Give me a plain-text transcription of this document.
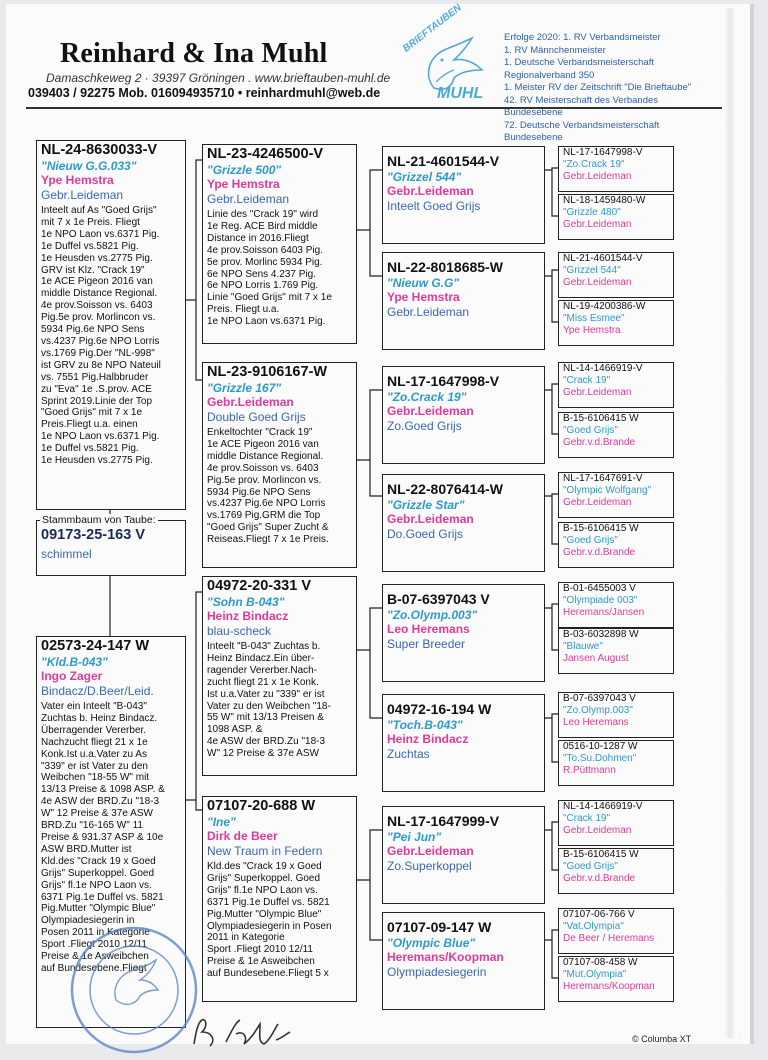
Reinhard & Ina Muhl
Damaschkeweg 2 · 39397 Gröningen . www.brieftauben-muhl.de
039403 / 92275 Mob. 016094935710 • reinhardmuhl@web.de
BRIEFTAUBEN
MUHL
Erfolge 2020: 1. RV Verbandsmeister
1. RV Männchenmeister
1. Deutsche Verbandsmeisterschaft
Regionalverband 350
1. Meister RV der Zeitschrift "Die Brieftaube"
42. RV Meisterschaft des Verbandes
Bundesebene
72. Deutsche Verbandsmeisterschaft
Bundesebene
NL-24-8630033-V
"Nieuw G.G.033"
Ype Hemstra
Gebr.Leideman
Inteelt auf As "Goed Grijs"
mit 7 x 1e Preis. Fliegt
1e NPO Laon vs.6371 Pig.
1e Duffel vs.5821 Pig.
1e Heusden vs.2775 Pig.
GRV ist Klz. "Crack 19"
1e ACE Pigeon 2016 van
middle Distance Regional.
4e prov.Soisson vs. 6403
Pig.5e prov. Morlincon vs.
5934 Pig.6e NPO Sens
vs.4237 Pig.6e NPO Lorris
vs.1769 Pig.Der "NL-998"
ist GRV zu 8e NPO Nateuil
vs. 7551 Pig.Halbbruder
zu "Eva" 1e .S.prov. ACE
Sprint 2019.Linie der Top
"Goed Grijs" mit 7 x 1e
Preis.Fliegt u.a. einen
1e NPO Laon vs.6371 Pig.
1e Duffel vs.5821 Pig.
1e Heusden vs.2775 Pig.
09173-25-163 V
schimmel
Stammbaum von Taube:
02573-24-147 W
"Kld.B-043"
Ingo Zager
Bindacz/D.Beer/Leid.
Vater ein Inteelt "B-043"
Zuchtas b. Heinz Bindacz.
Überragender Vererber.
Nachzucht fliegt 21 x 1e
Konk.Ist u.a.Vater zu As
"339" er ist Vater zu den
Weibchen "18-55 W" mit
13/13 Preise & 1098 ASP. &
4e ASW der BRD.Zu "18-3
W" 12 Preise & 37e ASW
BRD.Zu "16-165 W" 11
Preise & 931.37 ASP & 10e
ASW BRD.Mutter ist
Kld.des "Crack 19 x Goed
Grijs" Superkoppel. Goed
Grijs" fl.1e NPO Laon vs.
6371 Pig.1e Duffel vs. 5821
Pig.Mutter "Olympic Blue"
Olympiadesiegerin in
Posen 2011 in Kategorie
Sport .Fliegt 2010 12/11
Preise & 1e Asweibchen
auf Bundesebene.Fliegt
NL-23-4246500-V
"Grizzle 500"
Ype Hemstra
Gebr.Leideman
Linie des "Crack 19" wird
1e Reg. ACE Bird middle
Distance in 2016.Fliegt
4e prov.Soisson 6403 Pig.
5e prov. Morlinc 5934 Pig.
6e NPO Sens 4.237 Pig.
6e NPO Lorris 1.769 Pig.
Linie "Goed Grijs" mit 7 x 1e
Preis. Fliegt u.a.
1e NPO Laon vs.6371 Pig.
NL-23-9106167-W
"Grizzle 167"
Gebr.Leideman
Double Goed Grijs
Enkeltochter "Crack 19"
1e ACE Pigeon 2016 van
middle Distance Regional.
4e prov.Soisson vs. 6403
Pig.5e prov. Morlincon vs.
5934 Pig.6e NPO Sens
vs.4237 Pig.6e NPO Lorris
vs.1769 Pig.GRM die Top
"Goed Grijs" Super Zucht &
Reiseas.Fliegt 7 x 1e Preis.
04972-20-331 V
"Sohn B-043"
Heinz Bindacz
blau-scheck
Inteelt "B-043" Zuchtas b.
Heinz Bindacz.Ein über-
ragender Vererber.Nach-
zucht fliegt 21 x 1e Konk.
Ist u.a.Vater zu "339" er ist
Vater zu den Weibchen "18-
55 W" mit 13/13 Preisen &
1098 ASP. &
4e ASW der BRD.Zu "18-3
W" 12 Preise & 37e ASW
07107-20-688 W
"Ine"
Dirk de Beer
New Traum in Federn
Kld.des "Crack 19 x Goed
Grijs" Superkoppel. Goed
Grijs" fl.1e NPO Laon vs.
6371 Pig.1e Duffel vs. 5821
Pig.Mutter "Olympic Blue"
Olympiadesiegerin in Posen
2011 in Kategorie
Sport .Fliegt 2010 12/11
Preise & 1e Asweibchen
auf Bundesebene.Fliegt 5 x
NL-21-4601544-V
"Grizzel 544"
Gebr.Leideman
Inteelt Goed Grijs
NL-22-8018685-W
"Nieuw G.G"
Ype Hemstra
Gebr.Leideman
NL-17-1647998-V
"Zo.Crack 19"
Gebr.Leideman
Zo.Goed Grijs
NL-22-8076414-W
"Grizzle Star"
Gebr.Leideman
Do.Goed Grijs
B-07-6397043 V
"Zo.Olymp.003"
Leo Heremans
Super Breeder
04972-16-194 W
"Toch.B-043"
Heinz Bindacz
Zuchtas
NL-17-1647999-V
"Pei Jun"
Gebr.Leideman
Zo.Superkoppel
07107-09-147 W
"Olympic Blue"
Heremans/Koopman
Olympiadesiegerin
NL-17-1647998-V
"Zo.Crack 19"
Gebr.Leideman
NL-18-1459480-W
"Grizzle 480"
Gebr.Leideman
NL-21-4601544-V
"Grizzel 544"
Gebr.Leideman
NL-19-4200386-W
"Miss Esmee"
Ype Hemstra
NL-14-1466919-V
"Crack 19"
Gebr.Leideman
B-15-6106415 W
"Goed Grijs"
Gebr.v.d.Brande
NL-17-1647691-V
"Olympic Wolfgang"
Gebr.Leideman
B-15-6106415 W
"Goed Grijs"
Gebr.v.d.Brande
B-01-6455003 V
"Olympiade 003"
Heremans/Jansen
B-03-6032898 W
"Blauwe"
Jansen August
B-07-6397043 V
"Zo.Olymp.003"
Leo Heremans
0516-10-1287 W
"To.Su.Dohmen"
R.Püttmann
NL-14-1466919-V
"Crack 19"
Gebr.Leideman
B-15-6106415 W
"Goed Grijs"
Gebr.v.d.Brande
07107-06-766 V
"Vat.Olympia"
De Beer / Heremans
07107-08-458 W
"Mut.Olympia"
Heremans/Koopman
© Columba XT
